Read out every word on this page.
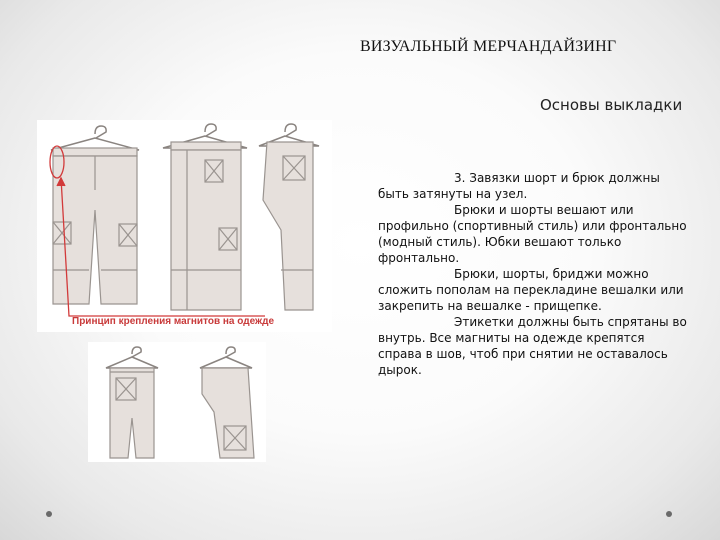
ВИЗУАЛЬНЫЙ МЕРЧАНДАЙЗИНГ
Основы выкладки
Принцип крепления магнитов на одежде

3. Завязки шорт и брюк должны быть затянуты на узел.

Брюки и шорты вешают или профильно (спортивный стиль) или фронтально (модный стиль). Юбки вешают только фронтально.

Брюки, шорты, бриджи можно сложить пополам на перекладине вешалки или закрепить на вешалке - прищепке.

Этикетки должны быть спрятаны во внутрь. Все магниты на одежде крепятся справа в шов, чтоб при снятии не оставалось дырок.
